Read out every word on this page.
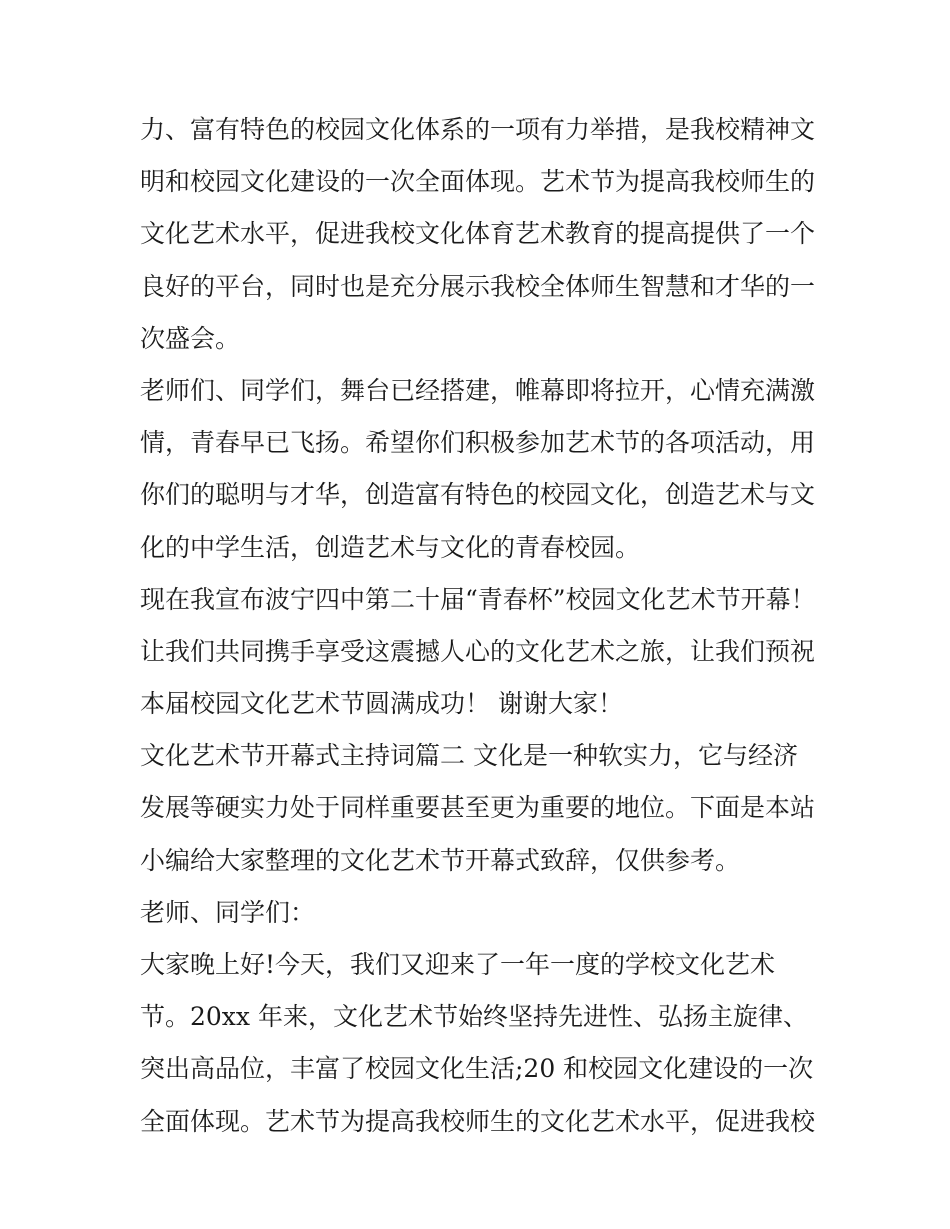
力、富有特色的校园文化体系的一项有力举措，是我校精神文
明和校园文化建设的一次全面体现。艺术节为提高我校师生的
文化艺术水平，促进我校文化体育艺术教育的提高提供了一个
良好的平台，同时也是充分展示我校全体师生智慧和才华的一
次盛会。
老师们、同学们，舞台已经搭建，帷幕即将拉开，心情充满激
情，青春早已飞扬。希望你们积极参加艺术节的各项活动，用
你们的聪明与才华，创造富有特色的校园文化，创造艺术与文
化的中学生活，创造艺术与文化的青春校园。
现在我宣布波宁四中第二十届“青春杯”校园文化艺术节开幕！
让我们共同携手享受这震撼人心的文化艺术之旅，让我们预祝
本届校园文化艺术节圆满成功！ 谢谢大家！
文化艺术节开幕式主持词篇二 文化是一种软实力，它与经济
发展等硬实力处于同样重要甚至更为重要的地位。下面是本站
小编给大家整理的文化艺术节开幕式致辞，仅供参考。
老师、同学们：
大家晚上好!今天，我们又迎来了一年一度的学校文化艺术
节。20xx 年来，文化艺术节始终坚持先进性、弘扬主旋律、
突出高品位，丰富了校园文化生活;20 和校园文化建设的一次
全面体现。艺术节为提高我校师生的文化艺术水平，促进我校
